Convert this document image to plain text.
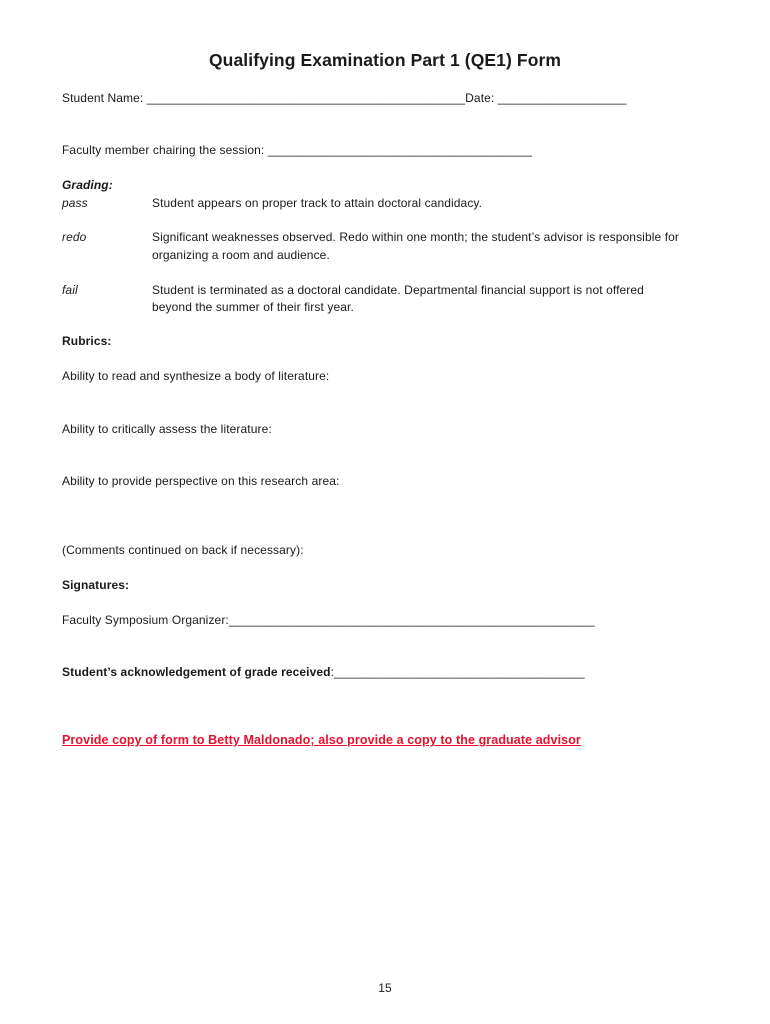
Qualifying Examination Part 1 (QE1) Form
Student Name: _______________________________________________Date: ___________________
Faculty member chairing the session: _______________________________________
Grading:
pass	Student appears on proper track to attain doctoral candidacy.
redo	Significant weaknesses observed. Redo within one month; the student’s advisor is responsible for
organizing a room and audience.
fail	Student is terminated as a doctoral candidate. Departmental financial support is not offered
beyond the summer of their first year.
Rubrics:
Ability to read and synthesize a body of literature:
Ability to critically assess the literature:
Ability to provide perspective on this research area:
(Comments continued on back if necessary):
Signatures:
Faculty Symposium Organizer:______________________________________________________
Student’s acknowledgement of grade received:_____________________________________
Provide copy of form to Betty Maldonado; also provide a copy to the graduate advisor
15
